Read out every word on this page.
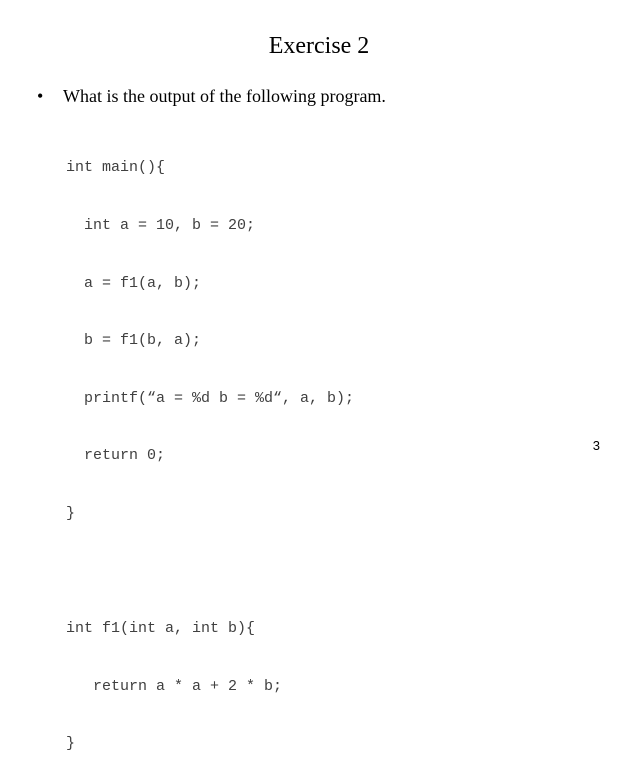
Exercise 2
• What is the output of the following program.

int main(){

int a = 10, b = 20;

a = f1(a, b);

b = f1(b, a);

printf(“a = %d b = %d“, a, b);

return 0;

}

int f1(int a, int b){

return a * a + 2 * b;

}

3
